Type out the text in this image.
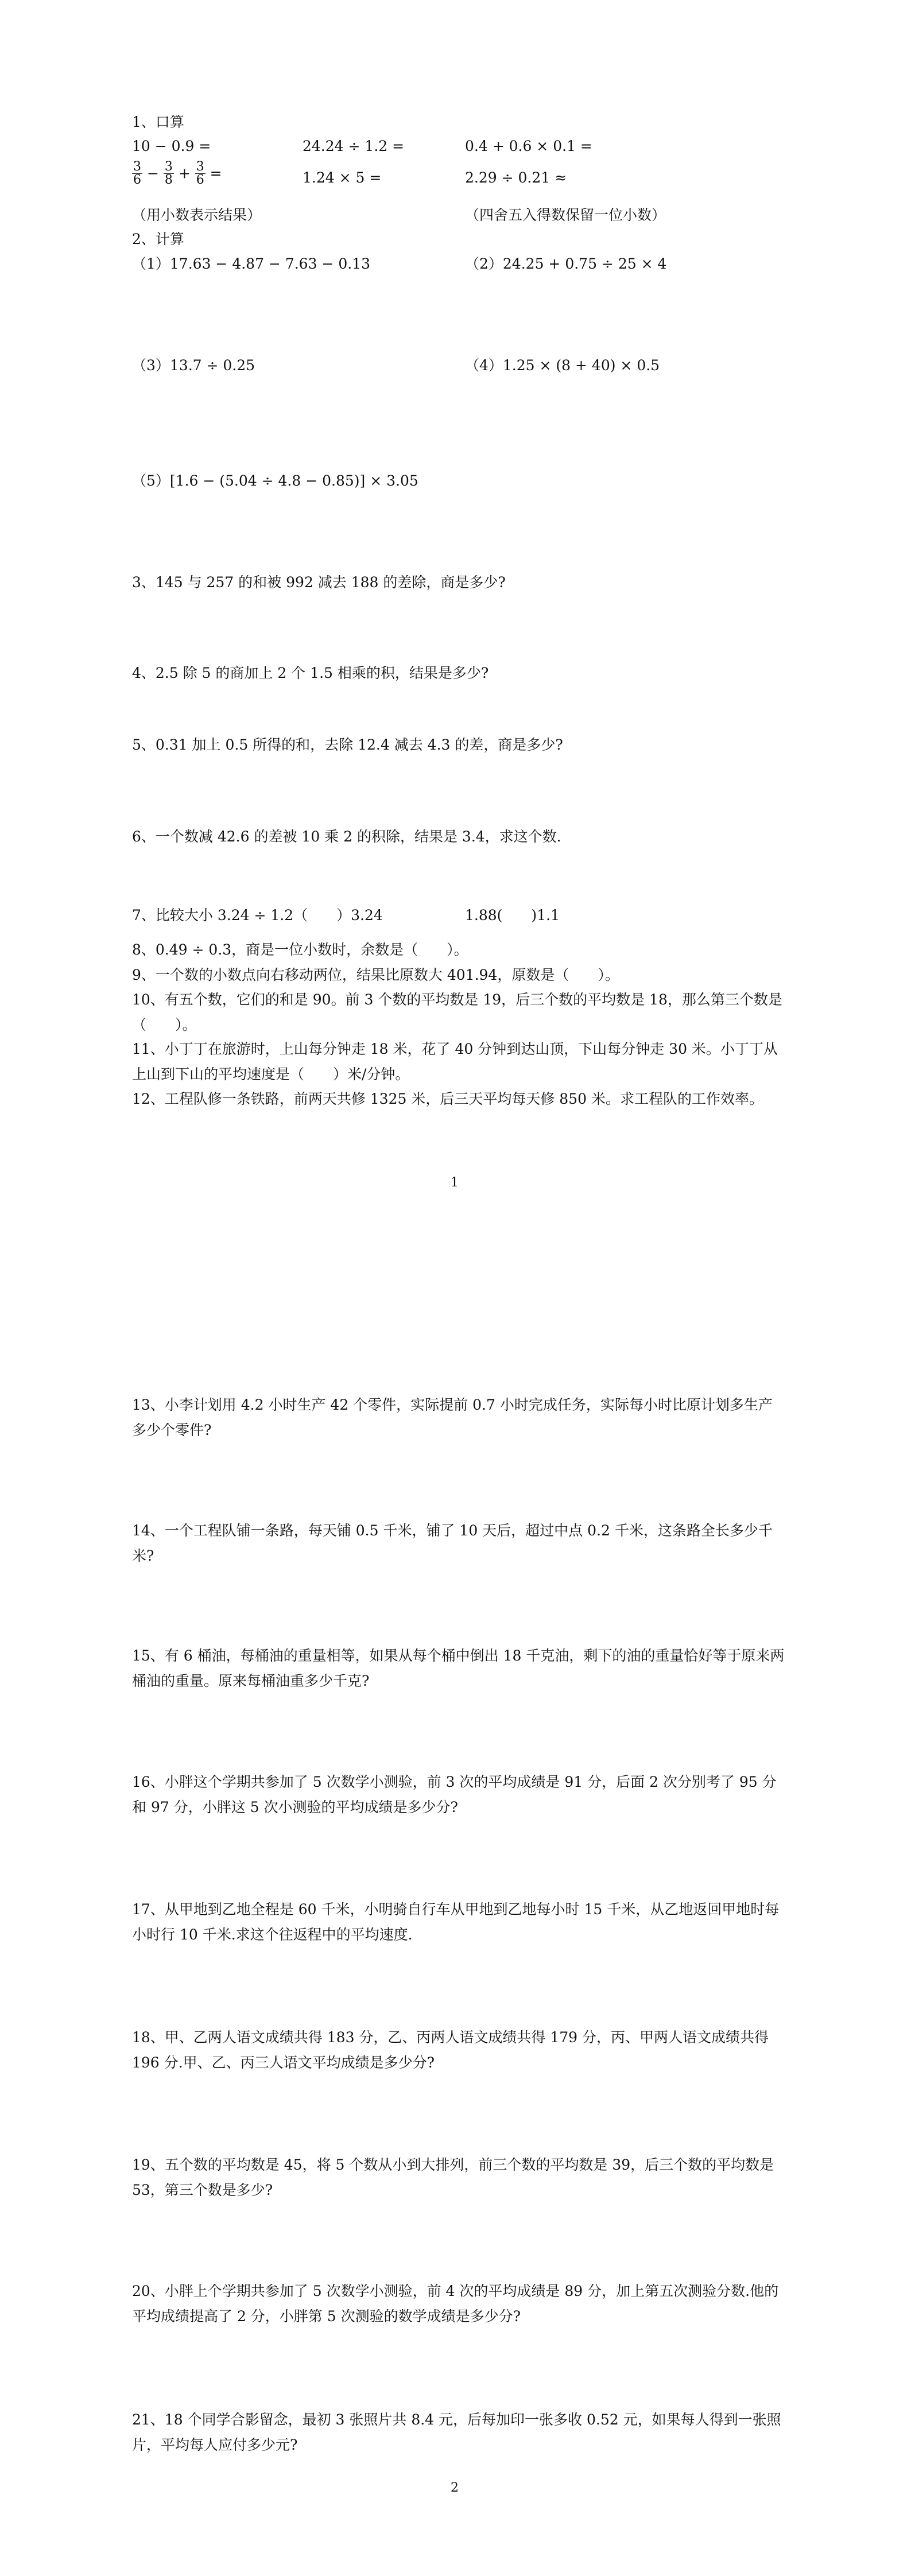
1、口算
10 − 0.9 =	24.24 ÷ 1.2 =	0.4 + 0.6 × 0.1 =
$\frac{3}{6} - \frac{3}{8} + \frac{3}{6}$ =	1.24 × 5 =	2.29 ÷ 0.21 ≈
（用小数表示结果）	（四舍五入得数保留一位小数）
2、计算
（1）17.63 − 4.87 − 7.63 − 0.13	（2）24.25 + 0.75 ÷ 25 × 4
（3）13.7 ÷ 0.25	（4）1.25 × (8 + 40) × 0.5
（5）[1.6 − (5.04 ÷ 4.8 − 0.85)] × 3.05
3、145 与 257 的和被 992 减去 188 的差除，商是多少?
4、2.5 除 5 的商加上 2 个 1.5 相乘的积，结果是多少?
5、0.31 加上 0.5 所得的和，去除 12.4 减去 4.3 的差，商是多少?
6、一个数减 42.6 的差被 10 乘 2 的积除，结果是 3.4，求这个数.
7、比较大小 3.24 ÷ 1.2（　　）3.24	1.88(　　)1.1
8、0.49 ÷ 0.3，商是一位小数时，余数是（　　）。
9、一个数的小数点向右移动两位，结果比原数大 401.94，原数是（　　）。
10、有五个数，它们的和是 90。前 3 个数的平均数是 19，后三个数的平均数是 18，那么第三个数是（　　）。
11、小丁丁在旅游时，上山每分钟走 18 米，花了 40 分钟到达山顶，下山每分钟走 30 米。小丁丁从上山到下山的平均速度是（　　）米/分钟。
12、工程队修一条铁路，前两天共修 1325 米，后三天平均每天修 850 米。求工程队的工作效率。
1
13、小李计划用 4.2 小时生产 42 个零件，实际提前 0.7 小时完成任务，实际每小时比原计划多生产多少个零件?
14、一个工程队铺一条路，每天铺 0.5 千米，铺了 10 天后，超过中点 0.2 千米，这条路全长多少千米?
15、有 6 桶油，每桶油的重量相等，如果从每个桶中倒出 18 千克油，剩下的油的重量恰好等于原来两桶油的重量。原来每桶油重多少千克?
16、小胖这个学期共参加了 5 次数学小测验，前 3 次的平均成绩是 91 分，后面 2 次分别考了 95 分和 97 分，小胖这 5 次小测验的平均成绩是多少分?
17、从甲地到乙地全程是 60 千米，小明骑自行车从甲地到乙地每小时 15 千米，从乙地返回甲地时每小时行 10 千米.求这个往返程中的平均速度.
18、甲、乙两人语文成绩共得 183 分，乙、丙两人语文成绩共得 179 分，丙、甲两人语文成绩共得 196 分.甲、乙、丙三人语文平均成绩是多少分?
19、五个数的平均数是 45，将 5 个数从小到大排列，前三个数的平均数是 39，后三个数的平均数是 53，第三个数是多少?
20、小胖上个学期共参加了 5 次数学小测验，前 4 次的平均成绩是 89 分，加上第五次测验分数.他的平均成绩提高了 2 分，小胖第 5 次测验的数学成绩是多少分?
21、18 个同学合影留念，最初 3 张照片共 8.4 元，后每加印一张多收 0.52 元，如果每人得到一张照片，平均每人应付多少元?
2
